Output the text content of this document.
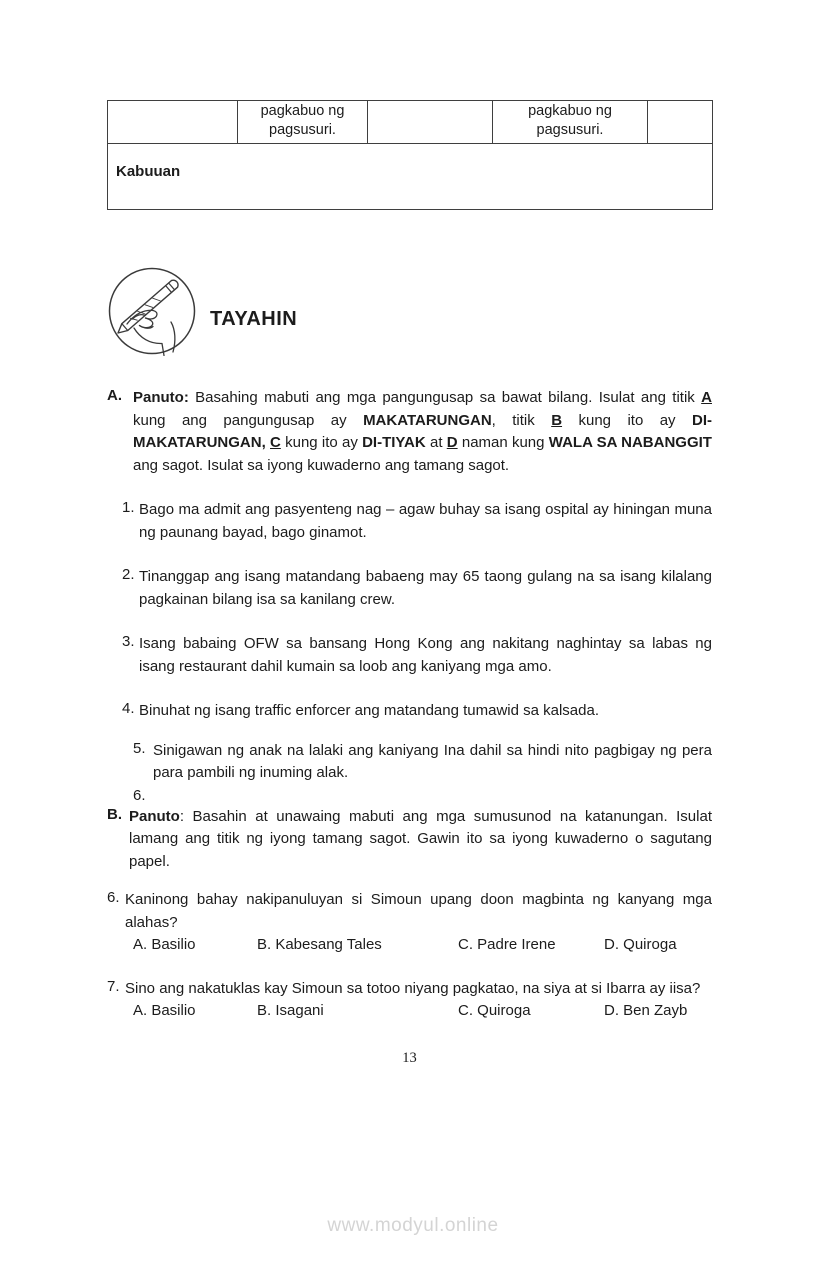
	pagkabuo ng pagsusuri.		pagkabuo ng pagsusuri.	
Kabuuan
TAYAHIN
A. Panuto: Basahing mabuti ang mga pangungusap sa bawat bilang. Isulat ang titik A kung ang pangungusap ay MAKATARUNGAN, titik B kung ito ay DI-MAKATARUNGAN, C kung ito ay DI-TIYAK at D naman kung WALA SA NABANGGIT ang sagot. Isulat sa iyong kuwaderno ang tamang sagot.
1. Bago ma admit ang pasyenteng nag – agaw buhay sa isang ospital ay hiningan muna ng paunang bayad, bago ginamot.
2. Tinanggap ang isang matandang babaeng may 65 taong gulang na sa isang kilalang pagkainan bilang isa sa kanilang crew.
3. Isang babaing OFW sa bansang Hong Kong ang nakitang naghintay sa labas ng isang restaurant dahil kumain sa loob ang kaniyang mga amo.
4. Binuhat ng isang traffic enforcer ang matandang tumawid sa kalsada.
5. Sinigawan ng anak na lalaki ang kaniyang Ina dahil sa hindi nito pagbigay ng pera para pambili ng inuming alak.
6.
B. Panuto: Basahin at unawaing mabuti ang mga sumusunod na katanungan. Isulat lamang ang titik ng iyong tamang sagot. Gawin ito sa iyong kuwaderno o sagutang papel.
6. Kaninong bahay nakipanuluyan si Simoun upang doon magbinta ng kanyang mga alahas?
A. Basilio	B. Kabesang Tales	C. Padre Irene	D. Quiroga
7. Sino ang nakatuklas kay Simoun sa totoo niyang pagkatao, na siya at si Ibarra ay iisa?
A. Basilio	B. Isagani	C. Quiroga	D. Ben Zayb
13
www.modyul.online
